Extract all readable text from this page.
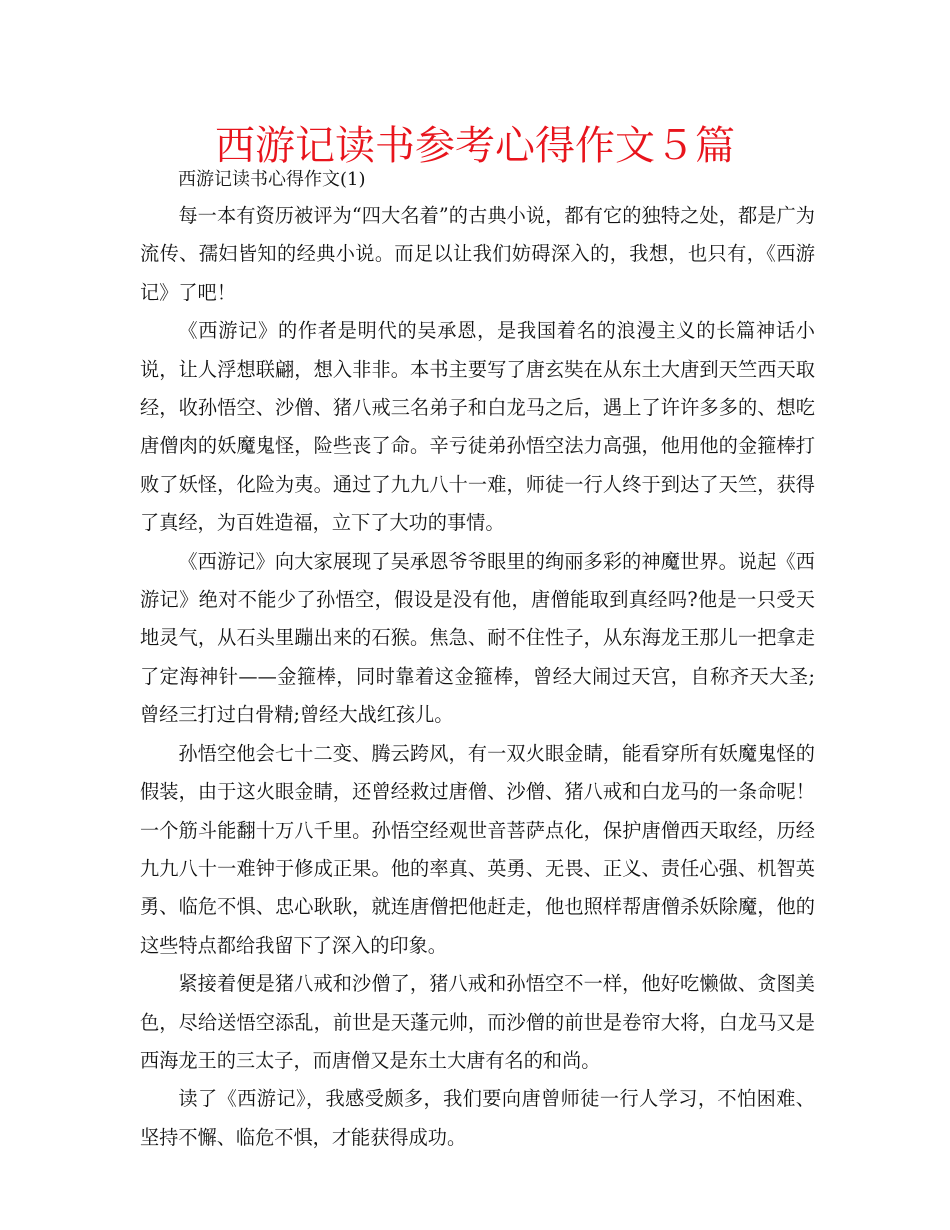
西游记读书参考心得作文５篇
西游记读书心得作文(1)

每一本有资历被评为“四大名着”的古典小说，都有它的独特之处，都是广为流传、孺妇皆知的经典小说。而足以让我们妨碍深入的，我想，也只有，《西游记》了吧！

《西游记》的作者是明代的吴承恩，是我国着名的浪漫主义的长篇神话小说，让人浮想联翩，想入非非。本书主要写了唐玄奘在从东土大唐到天竺西天取经，收孙悟空、沙僧、猪八戒三名弟子和白龙马之后，遇上了许许多多的、想吃唐僧肉的妖魔鬼怪，险些丧了命。辛亏徒弟孙悟空法力高强，他用他的金箍棒打败了妖怪，化险为夷。通过了九九八十一难，师徒一行人终于到达了天竺，获得了真经，为百姓造福，立下了大功的事情。

《西游记》向大家展现了吴承恩爷爷眼里的绚丽多彩的神魔世界。说起《西游记》绝对不能少了孙悟空，假设是没有他，唐僧能取到真经吗?他是一只受天地灵气，从石头里蹦出来的石猴。焦急、耐不住性子，从东海龙王那儿一把拿走了定海神针——金箍棒，同时靠着这金箍棒，曾经大闹过天宫，自称齐天大圣;曾经三打过白骨精;曾经大战红孩儿。

孙悟空他会七十二变、腾云跨风，有一双火眼金睛，能看穿所有妖魔鬼怪的假装，由于这火眼金睛，还曾经救过唐僧、沙僧、猪八戒和白龙马的一条命呢！一个筋斗能翻十万八千里。孙悟空经观世音菩萨点化，保护唐僧西天取经，历经九九八十一难钟于修成正果。他的率真、英勇、无畏、正义、责任心强、机智英勇、临危不惧、忠心耿耿，就连唐僧把他赶走，他也照样帮唐僧杀妖除魔，他的这些特点都给我留下了深入的印象。

紧接着便是猪八戒和沙僧了，猪八戒和孙悟空不一样，他好吃懒做、贪图美色，尽给送悟空添乱，前世是天蓬元帅，而沙僧的前世是卷帘大将，白龙马又是西海龙王的三太子，而唐僧又是东土大唐有名的和尚。

读了《西游记》，我感受颇多，我们要向唐曾师徒一行人学习，不怕困难、坚持不懈、临危不惧，才能获得成功。
